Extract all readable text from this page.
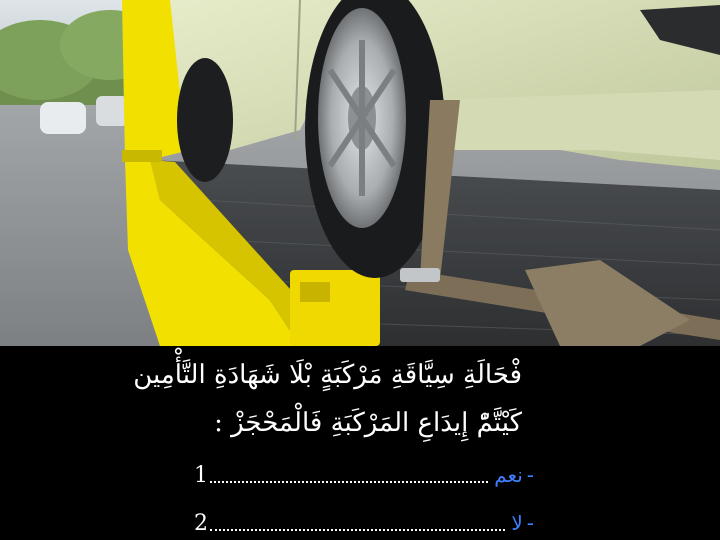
فْحَالَةِ سِيَّاقَةِ مَرْكَبَةٍ بْلَا شَهَادَةِ التَّأْمِين
كَيْتَّمّْ إِيدَاعِ المَرْكَبَةِ فَالْمَحْجَزْ :
1	نعم -
2	لا -
